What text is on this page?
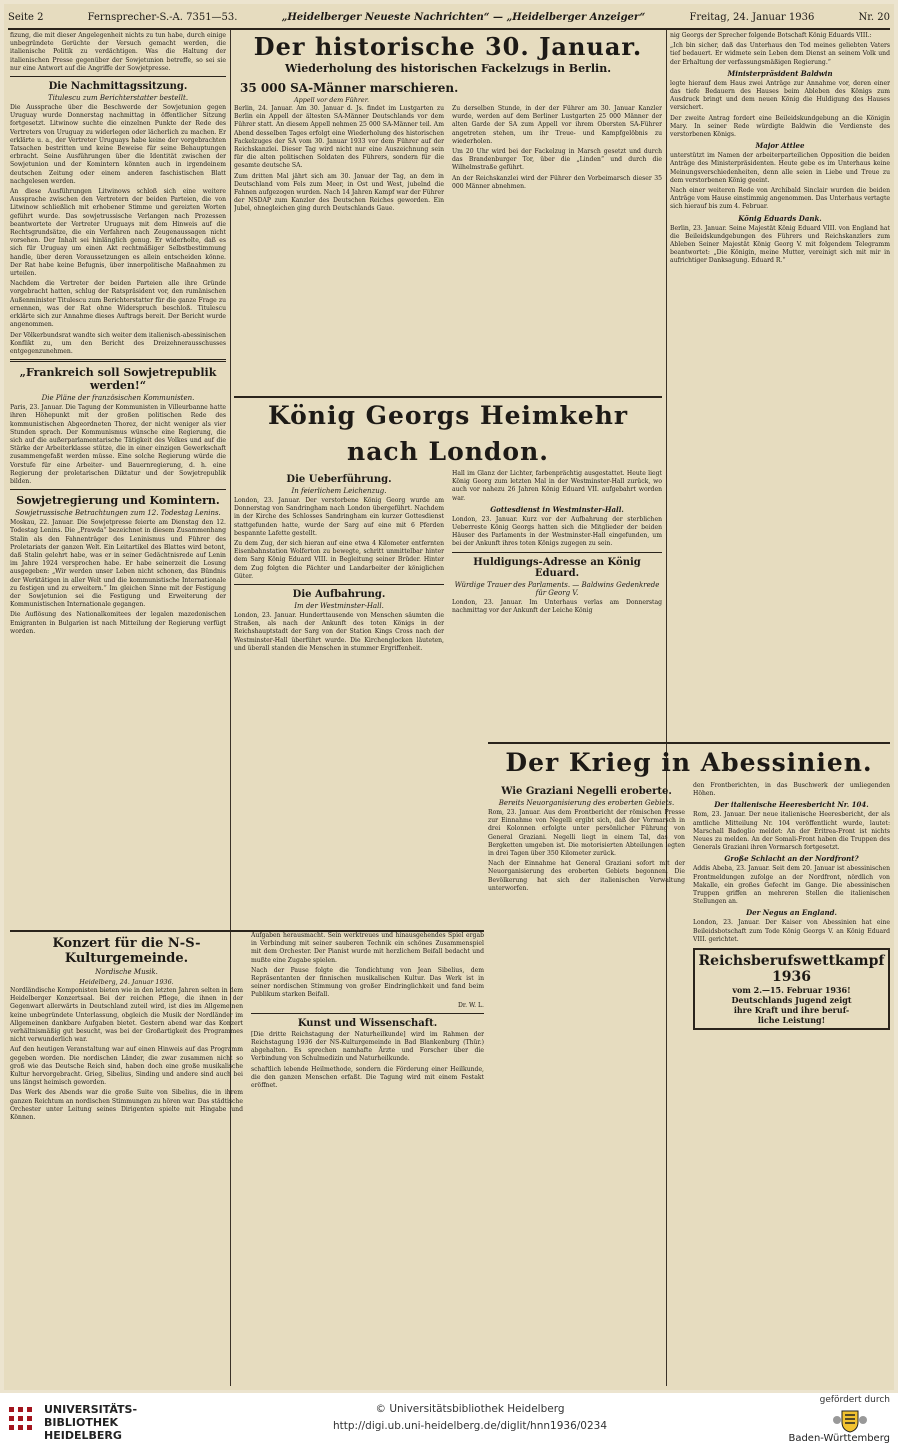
Seite 2	Fernsprecher-S.-A. 7351—53.	„Heidelberger Neueste Nachrichten“ — „Heidelberger Anzeiger“	Freitag, 24. Januar 1936	Nr. 20

fizung, die mit dieser Angelegenheit nichts zu tun habe, durch einige unbegründete Gerüchte der Versuch gemacht werden, die italienische Politik zu verdächtigen. Was die Haltung der italienischen Presse gegenüber der Sowjetunion betreffe, so sei sie nur eine Antwort auf die Angriffe der Sowjetpresse.

Die Nachmittagssitzung.
Titulescu zum Berichterstatter bestellt.

Die Aussprache über die Beschwerde der Sowjetunion gegen Uruguay wurde Donnerstag nachmittag in öffentlicher Sitzung fortgesetzt. Litwinow suchte die einzelnen Punkte der Rede des Vertreters von Uruguay zu widerlegen oder lächerlich zu machen. Er erklärte u. a., der Vertreter Uruguays habe keine der vorgebrachten Tatsachen bestritten und keine Beweise für seine Behauptungen erbracht. Seine Ausführungen über die Identität zwischen der Sowjetunion und der Komintern könnten auch in irgendeinem deutschen Zeitung oder einem anderen faschistischen Blatt nachgelesen werden.

An diese Ausführungen Litwinows schloß sich eine weitere Aussprache zwischen den Vertretern der beiden Parteien, die von Litwinow schließlich mit erhobener Stimme und gereizten Worten geführt wurde. Das sowjetrussische Verlangen nach Prozessen beantwortete der Vertreter Uruguays mit dem Hinweis auf die Rechtsgrundsätze, die ein Verfahren nach Zeugenaussagen nicht vorsehen. Der Inhalt sei hinlänglich genug. Er widerholte, daß es sich für Uruguay um einen Akt rechtmäßiger Selbstbestimmung handle, über deren Voraussetzungen es allein entscheiden könne. Der Rat habe keine Befugnis, über innerpolitische Maßnahmen zu urteilen.

Nachdem die Vertreter der beiden Parteien alle ihre Gründe vorgebracht hatten, schlug der Ratspräsident vor, den rumänischen Außenminister Titulescu zum Berichterstatter für die ganze Frage zu ernennen, was der Rat ohne Widerspruch beschloß. Titulescu erklärte sich zur Annahme dieses Auftrags bereit. Der Bericht wurde angenommen.

Der Völkerbundsrat wandte sich weiter dem italienisch-abessinischen Konflikt zu, um den Bericht des Dreizehnerausschusses entgegenzunehmen.

„Frankreich soll Sowjetrepublik werden!“
Die Pläne der französischen Kommunisten.

Paris, 23. Januar. Die Tagung der Kommunisten in Villeurbanne hatte ihren Höhepunkt mit der großen politischen Rede des kommunistischen Abgeordneten Thorez, der nicht weniger als vier Stunden sprach. Der Kommunismus wünsche eine Regierung, die sich auf die außerparlamentarische Tätigkeit des Volkes und auf die Stärke der Arbeiterklasse stütze, die in einer einzigen Gewerkschaft zusammengefaßt werden müsse. Eine solche Regierung würde die Vorstufe für eine Arbeiter- und Bauernregierung, d. h. eine Regierung der proletarischen Diktatur und der Sowjetrepublik bilden.

Sowjetregierung und Komintern.
Sowjetrussische Betrachtungen zum 12. Todestag Lenins.

Moskau, 22. Januar. Die Sowjetpresse feierte am Dienstag den 12. Todestag Lenins. Die „Prawda“ bezeichnet in diesem Zusammenhang Stalin als den Fahnenträger des Leninismus und Führer des Proletariats der ganzen Welt. Ein Leitartikel des Blattes wird betont, daß Stalin gelehrt habe, was er in seiner Gedächtnisrede auf Lenin im Jahre 1924 versprochen habe. Er habe seinerzeit die Losung ausgegeben: „Wir werden unser Leben nicht schonen, das Bündnis der Werktätigen in aller Welt und die kommunistische Internationale zu festigen und zu erweitern.“ Im gleichen Sinne mit der Festigung der Sowjetunion sei die Festigung und Erweiterung der Kommunistischen Internationale gegangen.

Die Auflösung des Nationalkomitees der legalen mazedonischen Emigranten in Bulgarien ist nach Mitteilung der Regierung verfügt worden.

Der historische 30. Januar.
Wiederholung des historischen Fackelzugs in Berlin.
35 000 SA-Männer marschieren.
Appell vor dem Führer.

Berlin, 24. Januar. Am 30. Januar d. Js. findet im Lustgarten zu Berlin ein Appell der ältesten SA-Männer Deutschlands vor dem Führer statt. An diesem Appell nehmen 25 000 SA-Männer teil. Am Abend desselben Tages erfolgt eine Wiederholung des historischen Fackelzuges der SA vom 30. Januar 1933 vor dem Führer auf der Reichskanzlei. Dieser Tag wird nicht nur eine Auszeichnung sein für die alten politischen Soldaten des Führers, sondern für die gesamte deutsche SA.

Zum dritten Mal jährt sich am 30. Januar der Tag, an dem in Deutschland vom Fels zum Meer, in Ost und West, jubelnd die Fahnen aufgezogen wurden. Nach 14 Jahren Kampf war der Führer der NSDAP zum Kanzler des Deutschen Reiches geworden. Ein Jubel, ohnegleichen ging durch Deutschlands Gaue.

Zu derselben Stunde, in der der Führer am 30. Januar Kanzler wurde, werden auf dem Berliner Lustgarten 25 000 Männer der alten Garde der SA zum Appell vor ihrem Obersten SA-Führer angetreten stehen, um ihr Treue- und Kampfgelöbnis zu wiederholen.

Um 20 Uhr wird bei der Fackelzug in Marsch gesetzt und durch das Brandenburger Tor, über die „Linden“ und durch die Wilhelmstraße geführt.

An der Reichskanzlei wird der Führer den Vorbeimarsch dieser 35 000 Männer abnehmen.

König Georgs Heimkehr nach London.
Die Ueberführung.
In feierlichem Leichenzug.

London, 23. Januar. Der verstorbene König Georg wurde am Donnerstag von Sandringham nach London übergeführt. Nachdem in der Kirche des Schlosses Sandringham ein kurzer Gottesdienst stattgefunden hatte, wurde der Sarg auf eine mit 6 Pferden bespannte Lafette gestellt.

Zu dem Zug, der sich hieran auf eine etwa 4 Kilometer entfernten Eisenbahnstation Wolferton zu bewegte, schritt unmittelbar hinter dem Sarg König Eduard VIII. in Begleitung seiner Brüder. Hinter dem Zug folgten die Pächter und Landarbeiter der königlichen Güter.

Die Aufbahrung.
Im der Westminster-Hall.

London, 23. Januar. Hunderttausende von Menschen säumten die Straßen, als nach der Ankunft des toten Königs in der Reichshauptstadt der Sarg von der Station Kings Cross nach der Westminster-Hall überführt wurde. Die Kirchenglocken läuteten, und überall standen die Menschen in stummer Ergriffenheit.

Hall im Glanz der Lichter, farbenprächtig ausgestattet. Heute liegt König Georg zum letzten Mal in der Westminster-Hall zurück, wo auch vor nahezu 26 Jahren König Eduard VII. aufgebahrt worden war.

Gottesdienst in Westminster-Hall.

London, 23. Januar. Kurz vor der Aufbahrung der sterblichen Ueberreste König Georgs hatten sich die Mitglieder der beiden Häuser des Parlaments in der Westminster-Hall eingefunden, um bei der Ankunft ihres toten Königs zugegen zu sein.

Huldigungs-Adresse an König Eduard.
Würdige Trauer des Parlaments. — Baldwins Gedenkrede für Georg V.

London, 23. Januar. Im Unterhaus verlas am Donnerstag nachmittag vor der Ankunft der Leiche König

nig Georgs der Sprecher folgende Botschaft König Eduards VIII.:

„Ich bin sicher, daß das Unterhaus den Tod meines geliebten Vaters tief bedauert. Er widmete sein Leben dem Dienst an seinem Volk und der Erhaltung der verfassungsmäßigen Regierung.“

Ministerpräsident Baldwin

legte hierauf dem Haus zwei Anträge zur Annahme vor, deren einer das tiefe Bedauern des Hauses beim Ableben des Königs zum Ausdruck bringt und dem neuen König die Huldigung des Hauses versichert.

Der zweite Antrag fordert eine Beileidskundgebung an die Königin Mary. In seiner Rede würdigte Baldwin die Verdienste des verstorbenen Königs.

Major Attlee

unterstützt im Namen der arbeiterparteilichen Opposition die beiden Anträge des Ministerpräsidenten. Heute gebe es im Unterhaus keine Meinungsverschiedenheiten, denn alle seien in Liebe und Treue zu dem verstorbenen König geeint.

Nach einer weiteren Rede von Archibald Sinclair wurden die beiden Anträge vom Hause einstimmig angenommen. Das Unterhaus vertagte sich hierauf bis zum 4. Februar.

König Eduards Dank.

Berlin, 23. Januar. Seine Majestät König Eduard VIII. von England hat die Beileidskundgebungen des Führers und Reichskanzlers zum Ableben Seiner Majestät König Georg V. mit folgendem Telegramm beantwortet: „Die Königin, meine Mutter, vereinigt sich mit mir in aufrichtiger Danksagung. Eduard R.“

Der Krieg in Abessinien.
Wie Graziani Negelli eroberte.
Bereits Neuorganisierung des eroberten Gebiets.

Rom, 23. Januar. Aus dem Frontbericht der römischen Presse zur Einnahme von Negelli ergibt sich, daß der Vormarsch in drei Kolonnen erfolgte unter persönlicher Führung von General Graziani. Negelli liegt in einem Tal, das von Bergketten umgeben ist. Die motorisierten Abteilungen legten in drei Tagen über 350 Kilometer zurück.

Nach der Einnahme hat General Graziani sofort mit der Neuorganisierung des eroberten Gebiets begonnen. Die Bevölkerung hat sich der italienischen Verwaltung unterworfen.

den Frontberichten, in das Buschwerk der umliegenden Höhen.

Der italienische Heeresbericht Nr. 104.

Rom, 23. Januar. Der neue italienische Heeresbericht, der als amtliche Mitteilung Nr. 104 veröffentlicht wurde, lautet: Marschall Badoglio meldet: An der Eritrea-Front ist nichts Neues zu melden. An der Somali-Front haben die Truppen des Generals Graziani ihren Vormarsch fortgesetzt.

Große Schlacht an der Nordfront?

Addis Abeba, 23. Januar. Seit dem 20. Januar ist abessinischen Frontmeldungen zufolge an der Nordfront, nördlich von Makalle, ein großes Gefecht im Gange. Die abessinischen Truppen griffen an mehreren Stellen die italienischen Stellungen an.

Der Negus an England.

London, 23. Januar. Der Kaiser von Abessinien hat eine Beileidsbotschaft zum Tode König Georgs V. an König Eduard VIII. gerichtet.

Reichsberufswettkampf 1936
vom 2.—15. Februar 1936!
Deutschlands Jugend zeigt
ihre Kraft und ihre beruf-
liche Leistung!
Konzert für die N-S-Kulturgemeinde.
Nordische Musik.
Heidelberg, 24. Januar 1936.

Nordländische Komponisten bieten wie in den letzten Jahren selten in dem Heidelberger Konzertsaal. Bei der reichen Pflege, die ihnen in der Gegenwart allerwärts in Deutschland zuteil wird, ist dies im Allgemeinen keine unbegründete Unterlassung, obgleich die Musik der Nordländer im Allgemeinen dankbare Aufgaben bietet. Gestern abend war das Konzert verhältnismäßig gut besucht, was bei der Großartigkeit des Programmes nicht verwunderlich war.

Auf den heutigen Veranstaltung war auf einen Hinweis auf das Programm gegeben worden. Die nordischen Länder, die zwar zusammen nicht so groß wie das Deutsche Reich sind, haben doch eine große musikalische Kultur hervorgebracht. Grieg, Sibelius, Sinding und andere sind auch bei uns längst heimisch geworden.

Das Werk des Abends war die große Suite von Sibelius, die in ihrem ganzen Reichtum an nordischen Stimmungen zu hören war. Das städtische Orchester unter Leitung seines Dirigenten spielte mit Hingabe und Können.

Aufgaben herausmacht. Sein werktreues und hinausgehendes Spiel ergab in Verbindung mit seiner sauberen Technik ein schönes Zusammenspiel mit dem Orchester. Der Pianist wurde mit herzlichem Beifall bedacht und mußte eine Zugabe spielen.

Nach der Pause folgte die Tondichtung von Jean Sibelius, dem Repräsentanten der finnischen musikalischen Kultur. Das Werk ist in seiner nordischen Stimmung von großer Eindringlichkeit und fand beim Publikum starken Beifall.

Dr. W. L.

Kunst und Wissenschaft.

[Die dritte Reichstagung der Naturheilkunde] wird im Rahmen der Reichstagung 1936 der NS-Kulturgemeinde in Bad Blankenburg (Thür.) abgehalten. Es sprechen namhafte Ärzte und Forscher über die Verbindung von Schulmedizin und Naturheilkunde.

schaftlich lebende Heilmethode, sondern die Förderung einer Heilkunde, die den ganzen Menschen erfaßt. Die Tagung wird mit einem Festakt eröffnet.

UNIVERSITÄTS-
BIBLIOTHEK
HEIDELBERG
© Universitätsbibliothek Heidelberg
http://digi.ub.uni-heidelberg.de/diglit/hnn1936/0234
gefördert durch
Baden-Württemberg
